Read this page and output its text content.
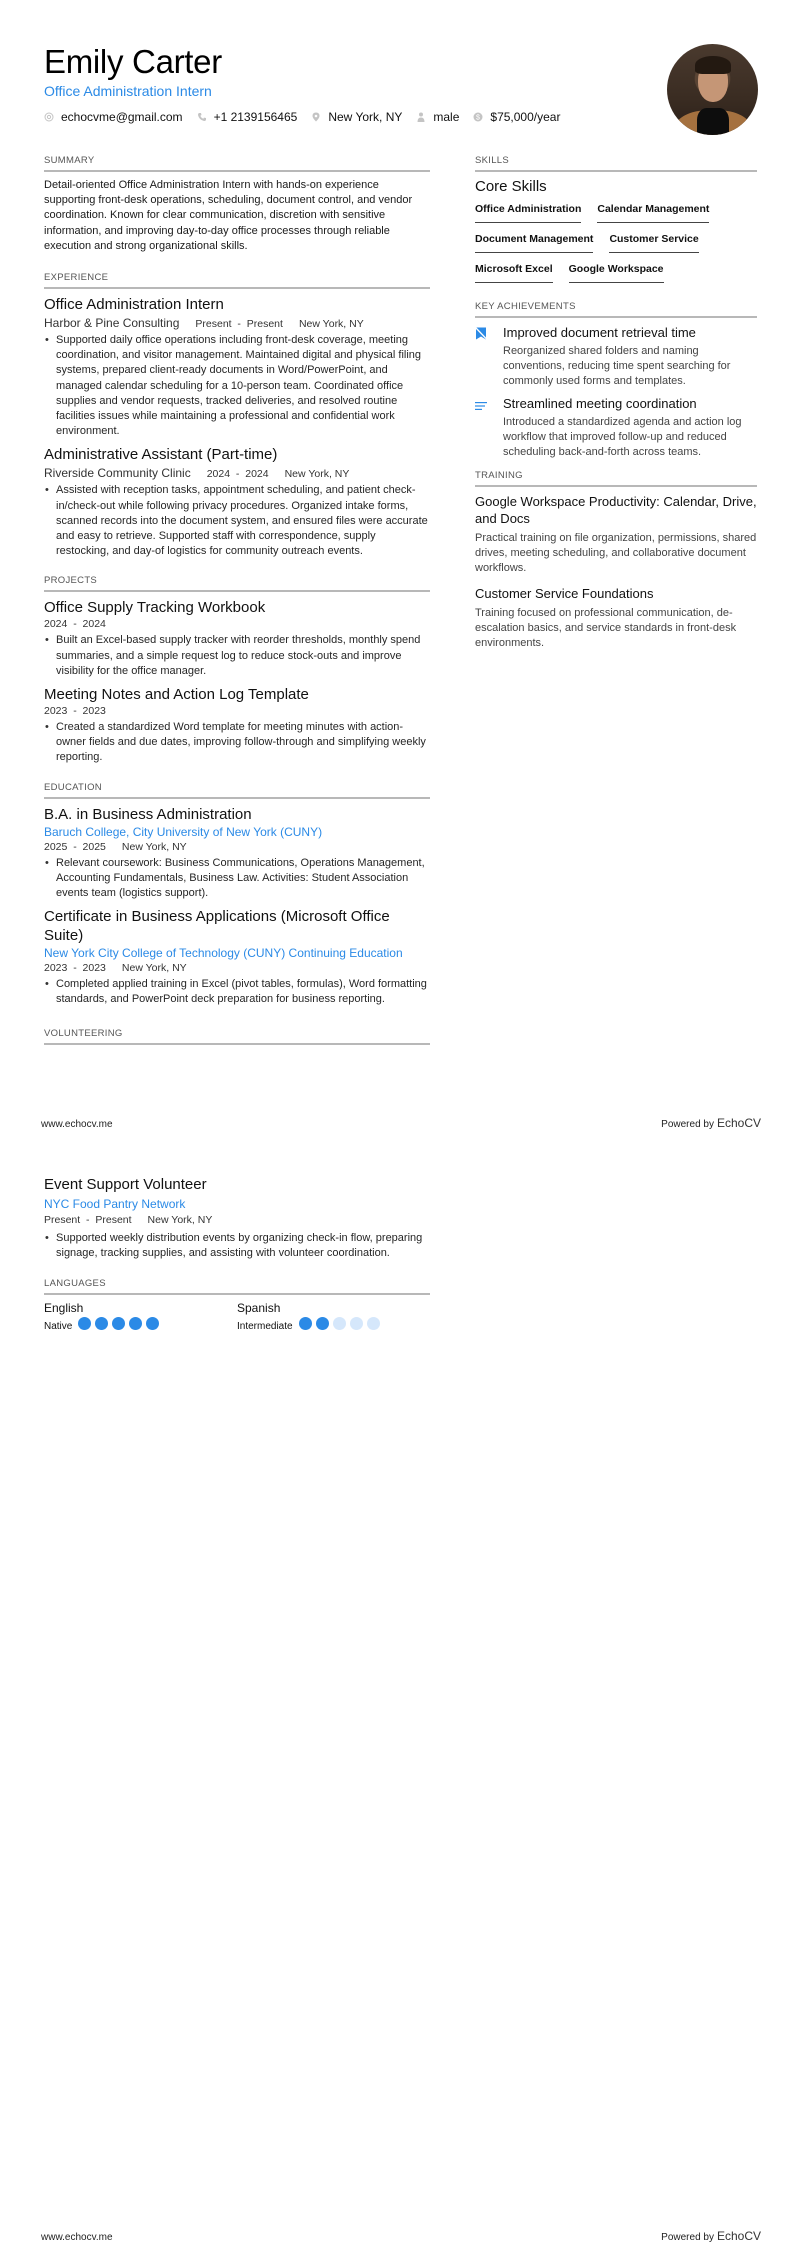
Emily Carter
Office Administration Intern
echocvme@gmail.com	+1 2139156465	New York, NY	male $ $75,000/year
SUMMARY

Detail-oriented Office Administration Intern with hands-on experience supporting front-desk operations, scheduling, document control, and vendor coordination. Known for clear communication, discretion with sensitive information, and improving day-to-day office processes through reliable execution and strong organizational skills.

EXPERIENCE
Office Administration Intern
Harbor & Pine Consulting Present  -  Present New York, NY
• Supported daily office operations including front-desk coverage, meeting coordination, and visitor management. Maintained digital and physical filing systems, prepared client-ready documents in Word/PowerPoint, and managed calendar scheduling for a 10-person team. Coordinated office supplies and vendor requests, tracked deliveries, and resolved routine facilities issues while maintaining a professional and confidential work environment.
Administrative Assistant (Part-time)
Riverside Community Clinic 2024  -  2024 New York, NY
• Assisted with reception tasks, appointment scheduling, and patient check-in/check-out while following privacy procedures. Organized intake forms, scanned records into the document system, and ensured files were accurate and easy to retrieve. Supported staff with correspondence, supply restocking, and day-of logistics for community outreach events.
PROJECTS
Office Supply Tracking Workbook
2024  -  2024
• Built an Excel-based supply tracker with reorder thresholds, monthly spend summaries, and a simple request log to reduce stock-outs and improve visibility for the office manager.
Meeting Notes and Action Log Template
2023  -  2023
• Created a standardized Word template for meeting minutes with action-owner fields and due dates, improving follow-through and simplifying weekly reporting.
EDUCATION
B.A. in Business Administration
Baruch College, City University of New York (CUNY)
2025  -  2025 New York, NY
• Relevant coursework: Business Communications, Operations Management, Accounting Fundamentals, Business Law. Activities: Student Association events team (logistics support).
Certificate in Business Applications (Microsoft Office Suite)
New York City College of Technology (CUNY) Continuing Education
2023  -  2023 New York, NY
• Completed applied training in Excel (pivot tables, formulas), Word formatting standards, and PowerPoint deck preparation for business reporting.
VOLUNTEERING
SKILLS
Core Skills
Office Administration Calendar Management
Document Management Customer Service
Microsoft Excel Google Workspace
KEY ACHIEVEMENTS
Improved document retrieval time
Reorganized shared folders and naming conventions, reducing time spent searching for commonly used forms and templates.
Streamlined meeting coordination
Introduced a standardized agenda and action log workflow that improved follow-up and reduced scheduling back-and-forth across teams.
TRAINING
Google Workspace Productivity: Calendar, Drive, and Docs
Practical training on file organization, permissions, shared drives, meeting scheduling, and collaborative document workflows.
Customer Service Foundations
Training focused on professional communication, de-escalation basics, and service standards in front-desk environments.
www.echocv.me	Powered by EchoCV
Event Support Volunteer
NYC Food Pantry Network
Present  -  Present New York, NY
• Supported weekly distribution events by organizing check-in flow, preparing signage, tracking supplies, and assisting with volunteer coordination.
LANGUAGES
English
Native
Spanish
Intermediate
www.echocv.me	Powered by EchoCV
